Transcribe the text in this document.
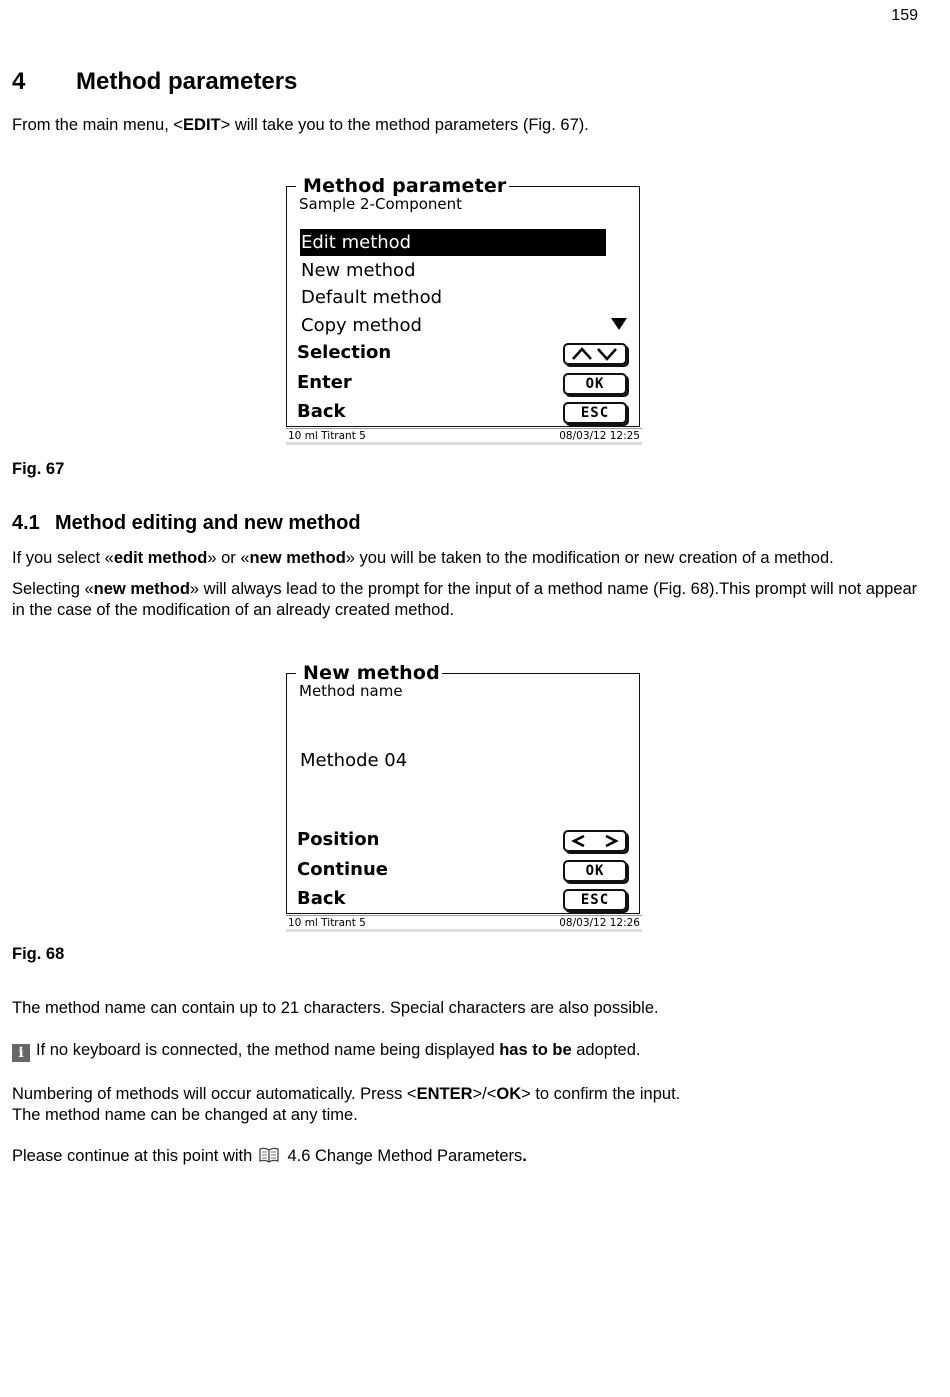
159
4 Method parameters
From the main menu, <EDIT> will take you to the method parameters (Fig. 67).
Method parameter
Sample 2-Component
Edit method
New method
Default method
Copy method
Selection
Enter	OK
Back	ESC
10 ml Titrant 5	08/03/12 12:25
Fig. 67
4.1 Method editing and new method
If you select «edit method» or «new method» you will be taken to the modification or new creation of a method.
Selecting «new method» will always lead to the prompt for the input of a method name (Fig. 68).This prompt will not appear in the case of the modification of an already created method.
New method
Method name
Methode 04
Position
Continue	OK
Back	ESC
10 ml Titrant 5	08/03/12 12:26
Fig. 68
The method name can contain up to 21 characters. Special characters are also possible.
i If no keyboard is connected, the method name being displayed has to be adopted.
Numbering of methods will occur automatically. Press <ENTER>/<OK> to confirm the input.
The method name can be changed at any time.
Please continue at this point with  4.6 Change Method Parameters.
